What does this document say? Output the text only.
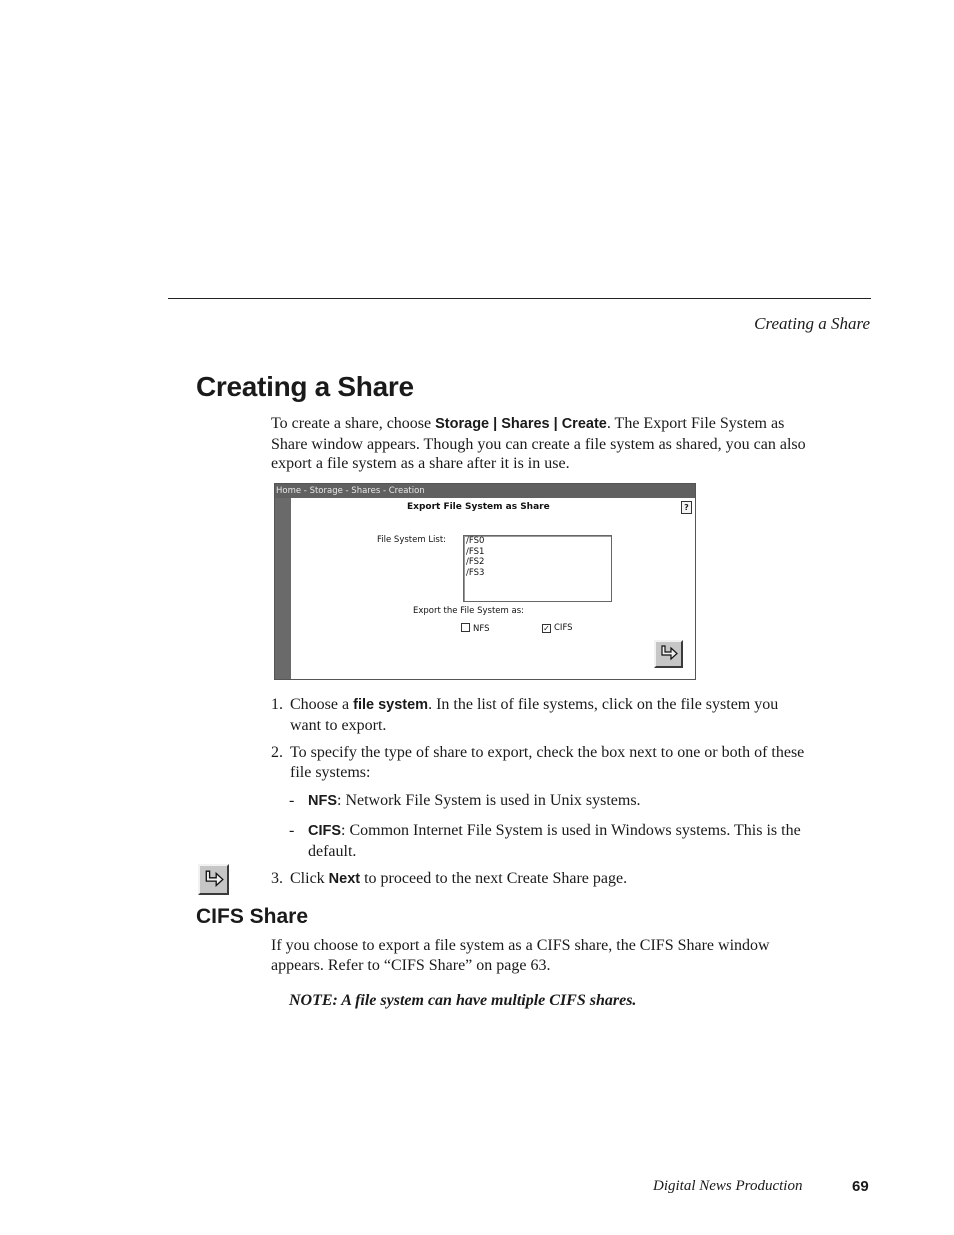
Creating a Share
Creating a Share
To create a share, choose Storage | Shares | Create. The Export File System as Share window appears. Though you can create a file system as shared, you can also export a file system as a share after it is in use.
Home - Storage - Shares - Creation
Export File System as Share	?
File System List: /FS0
/FS1
/FS2
/FS3
Export the File System as:
NFS	✓ CIFS
1. Choose a file system. In the list of file systems, click on the file system you want to export.
2. To specify the type of share to export, check the box next to one or both of these file systems:
- NFS: Network File System is used in Unix systems.
- CIFS: Common Internet File System is used in Windows systems. This is the default.
3. Click Next to proceed to the next Create Share page.
CIFS Share
If you choose to export a file system as a CIFS share, the CIFS Share window appears. Refer to “CIFS Share” on page 63.
NOTE: A file system can have multiple CIFS shares.
Digital News Production	69
